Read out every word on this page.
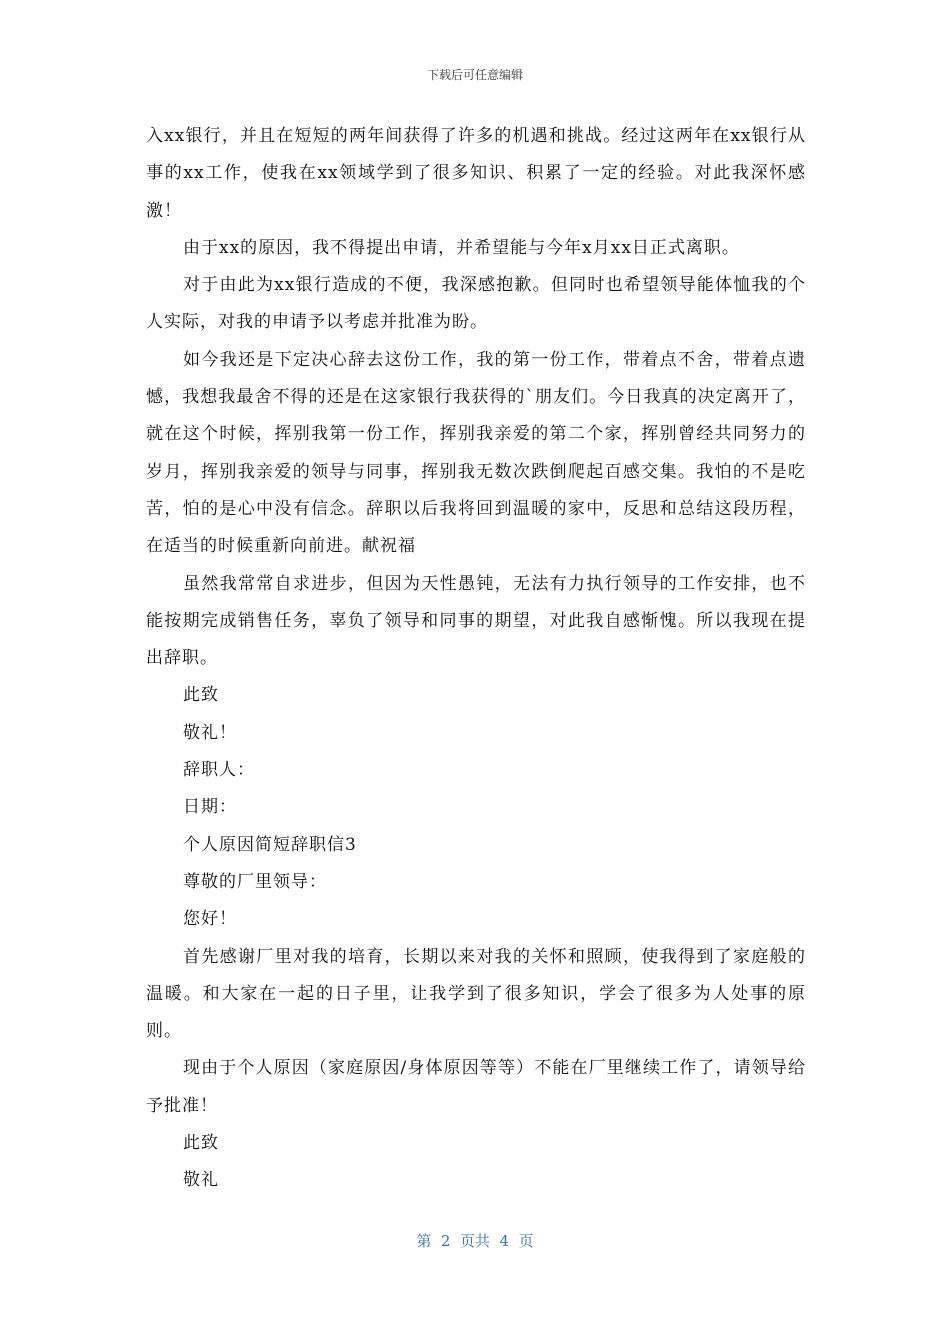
下载后可任意编辑

入xx银行，并且在短短的两年间获得了许多的机遇和挑战。经过这两年在xx银行从事的xx工作，使我在xx领域学到了很多知识、积累了一定的经验。对此我深怀感激！

由于xx的原因，我不得提出申请，并希望能与今年x月xx日正式离职。

对于由此为xx银行造成的不便，我深感抱歉。但同时也希望领导能体恤我的个人实际，对我的申请予以考虑并批准为盼。

如今我还是下定决心辞去这份工作，我的第一份工作，带着点不舍，带着点遗憾，我想我最舍不得的还是在这家银行我获得的`朋友们。今日我真的决定离开了，就在这个时候，挥别我第一份工作，挥别我亲爱的第二个家，挥别曾经共同努力的岁月，挥别我亲爱的领导与同事，挥别我无数次跌倒爬起百感交集。我怕的不是吃苦，怕的是心中没有信念。辞职以后我将回到温暖的家中，反思和总结这段历程，在适当的时候重新向前进。献祝福

虽然我常常自求进步，但因为天性愚钝，无法有力执行领导的工作安排，也不能按期完成销售任务，辜负了领导和同事的期望，对此我自感惭愧。所以我现在提出辞职。

此致

敬礼！

辞职人：

日期：

个人原因简短辞职信3

尊敬的厂里领导：

您好！

首先感谢厂里对我的培育，长期以来对我的关怀和照顾，使我得到了家庭般的温暖。和大家在一起的日子里，让我学到了很多知识，学会了很多为人处事的原则。

现由于个人原因（家庭原因/身体原因等等）不能在厂里继续工作了，请领导给予批准！

此致

敬礼

第  2  页共  4  页
